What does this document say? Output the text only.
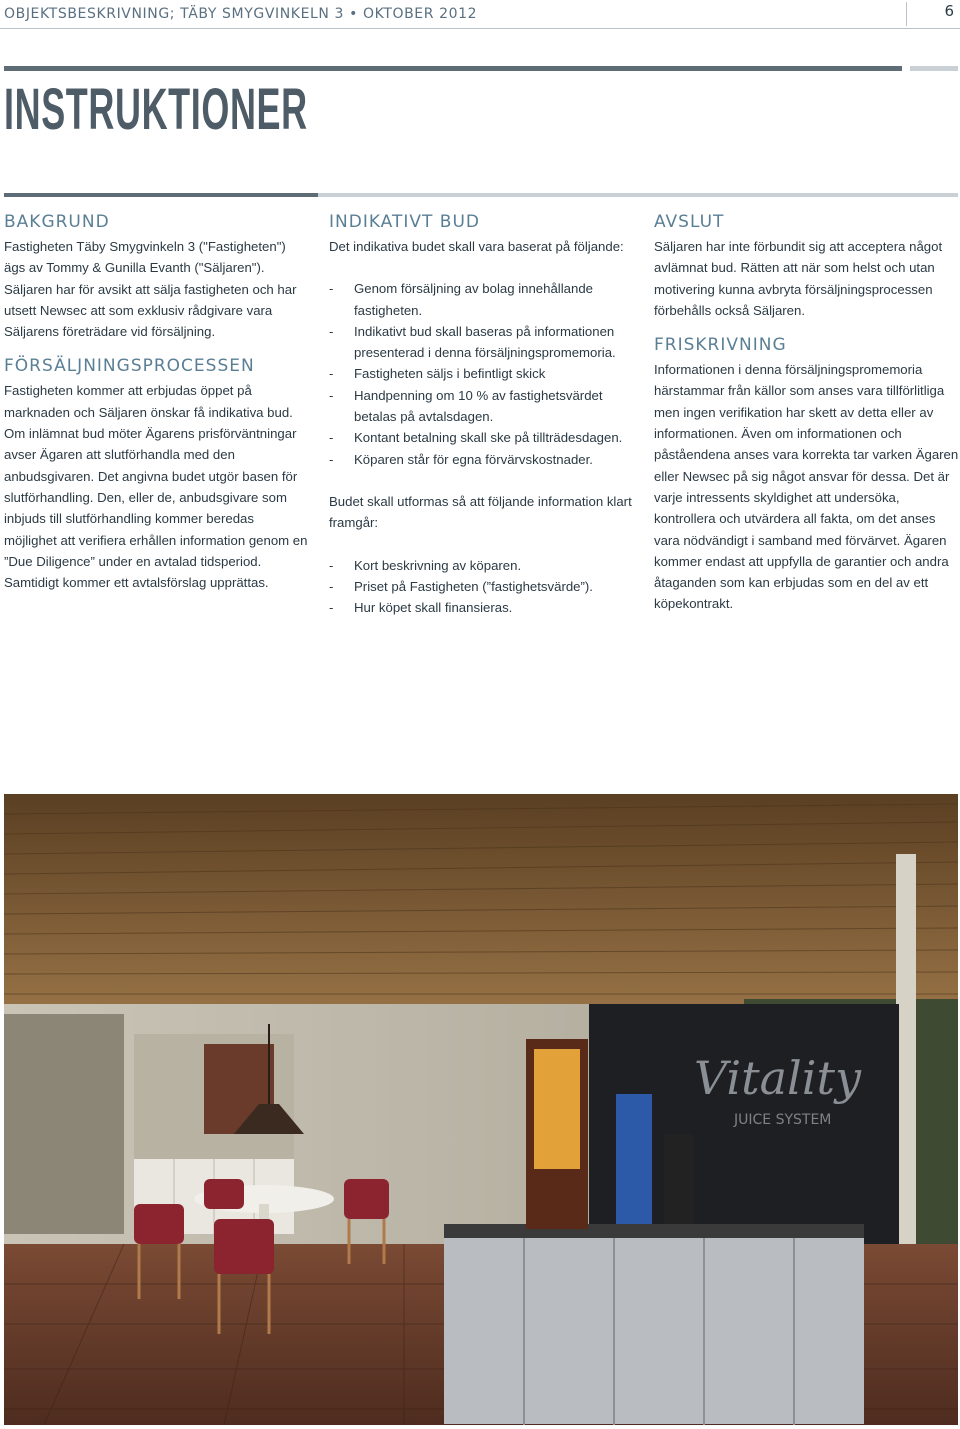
OBJEKTSBESKRIVNING; TÄBY SMYGVINKELN 3 • OKTOBER 2012	6
INSTRUKTIONER
BAKGRUND

Fastigheten Täby Smygvinkeln 3 ("Fastigheten") ägs av Tommy & Gunilla Evanth ("Säljaren"). Säljaren har för avsikt att sälja fastigheten och har utsett Newsec att som exklusiv rådgivare vara Säljarens företrädare vid försäljning.

FÖRSÄLJNINGSPROCESSEN

Fastigheten kommer att erbjudas öppet på marknaden och Säljaren önskar få indikativa bud. Om inlämnat bud möter Ägarens prisförväntningar avser Ägaren att slutförhandla med den anbudsgivaren. Det angivna budet utgör basen för slutförhandling. Den, eller de, anbudsgivare som inbjuds till slutförhandling kommer beredas möjlighet att verifiera erhållen information genom en ”Due Diligence” under en avtalad tidsperiod. Samtidigt kommer ett avtalsförslag upprättas.

INDIKATIVT BUD

Det indikativa budet skall vara baserat på följande:

- Genom försäljning av bolag innehållande fastigheten.
- Indikativt bud skall baseras på informationen presenterad i denna försäljningspromemoria.
- Fastigheten säljs i befintligt skick
- Handpenning om 10 % av fastighetsvärdet betalas på avtalsdagen.
- Kontant betalning skall ske på tillträdesdagen.
- Köparen står för egna förvärvskostnader.

Budet skall utformas så att följande information klart framgår:

- Kort beskrivning av köparen.
- Priset på Fastigheten (”fastighetsvärde”).
- Hur köpet skall finansieras.
AVSLUT

Säljaren har inte förbundit sig att acceptera något avlämnat bud. Rätten att när som helst och utan motivering kunna avbryta försäljningsprocessen förbehålls också Säljaren.

FRISKRIVNING

Informationen i denna försäljningspromemoria härstammar från källor som anses vara tillförlitliga men ingen verifikation har skett av detta eller av informationen. Även om informationen och påståendena anses vara korrekta tar varken Ägaren eller Newsec på sig något ansvar för dessa. Det är varje intressents skyldighet att undersöka, kontrollera och utvärdera all fakta, om det anses vara nödvändigt i samband med förvärvet. Ägaren kommer endast att uppfylla de garantier och andra åtaganden som kan erbjudas som en del av ett köpekontrakt.

Vitality
JUICE SYSTEM
